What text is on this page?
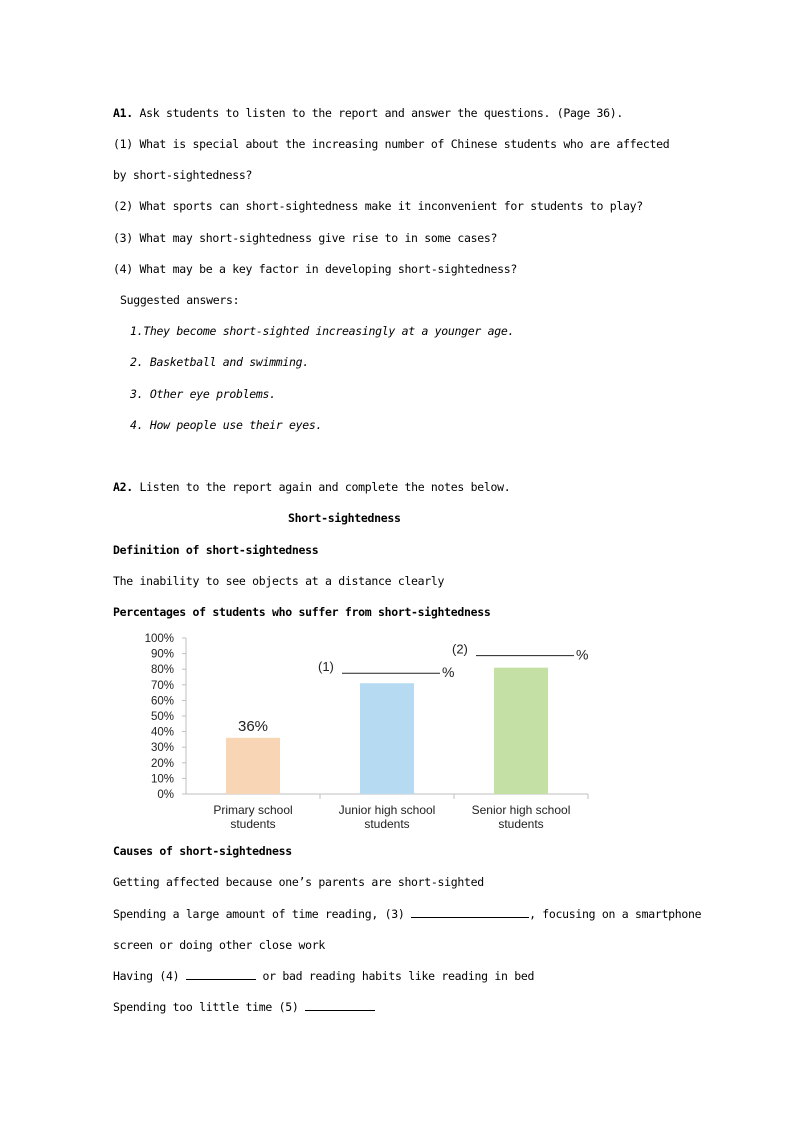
A1. Ask students to listen to the report and answer the questions. (Page 36).
(1) What is special about the increasing number of Chinese students who are affected
by short-sightedness?
(2) What sports can short-sightedness make it inconvenient for students to play?
(3) What may short-sightedness give rise to in some cases?
(4) What may be a key factor in developing short-sightedness?
Suggested answers:
1.They become short-sighted increasingly at a younger age.
2. Basketball and swimming.
3. Other eye problems.
4. How people use their eyes.
A2. Listen to the report again and complete the notes below.
Short-sightedness
Definition of short-sightedness
The inability to see objects at a distance clearly
Percentages of students who suffer from short-sightedness
0%
10%
20%
30%
40%
50%
60%
70%
80%
90%
100%
36%
Primary school
students
(1)	%
Junior high school
students
(2)	%
Senior high school
students
Causes of short-sightedness
Getting affected because one’s parents are short-sighted
Spending a large amount of time reading, (3)	, focusing on a smartphone
screen or doing other close work
Having (4)	or bad reading habits like reading in bed
Spending too little time (5)
